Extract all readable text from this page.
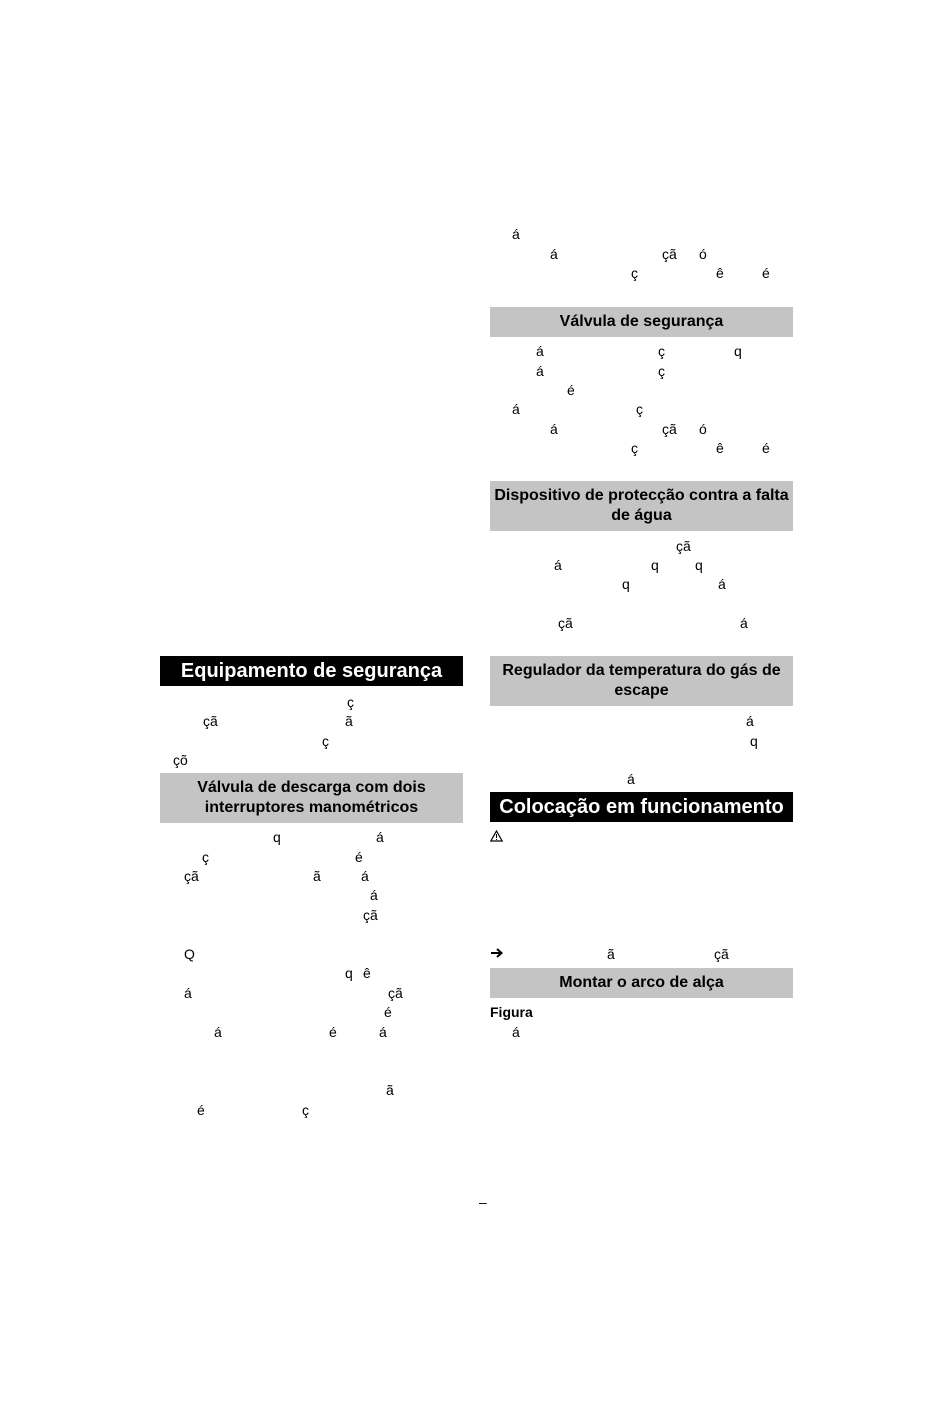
Equipamento de segurança
ç
çã	ã
ç
çõ
Válvula de descarga com dois interruptores manométricos
q	á
ç	é
çã	ã	á
á
çã
Q
q ê
á	çã
é
á	é	á
ã
é	ç
á
á	çã ó
ç	ê	é
Válvula de segurança
á	ç	q
á	ç
é
á	ç
á	çã ó
ç	ê	é
Dispositivo de protecção contra a falta de água
çã
á	q	q
q	á
çã	á
Regulador da temperatura do gás de escape
á
q
á
Colocação em funcionamento
ã	çã
Montar o arco de alça
Figura
á
–
